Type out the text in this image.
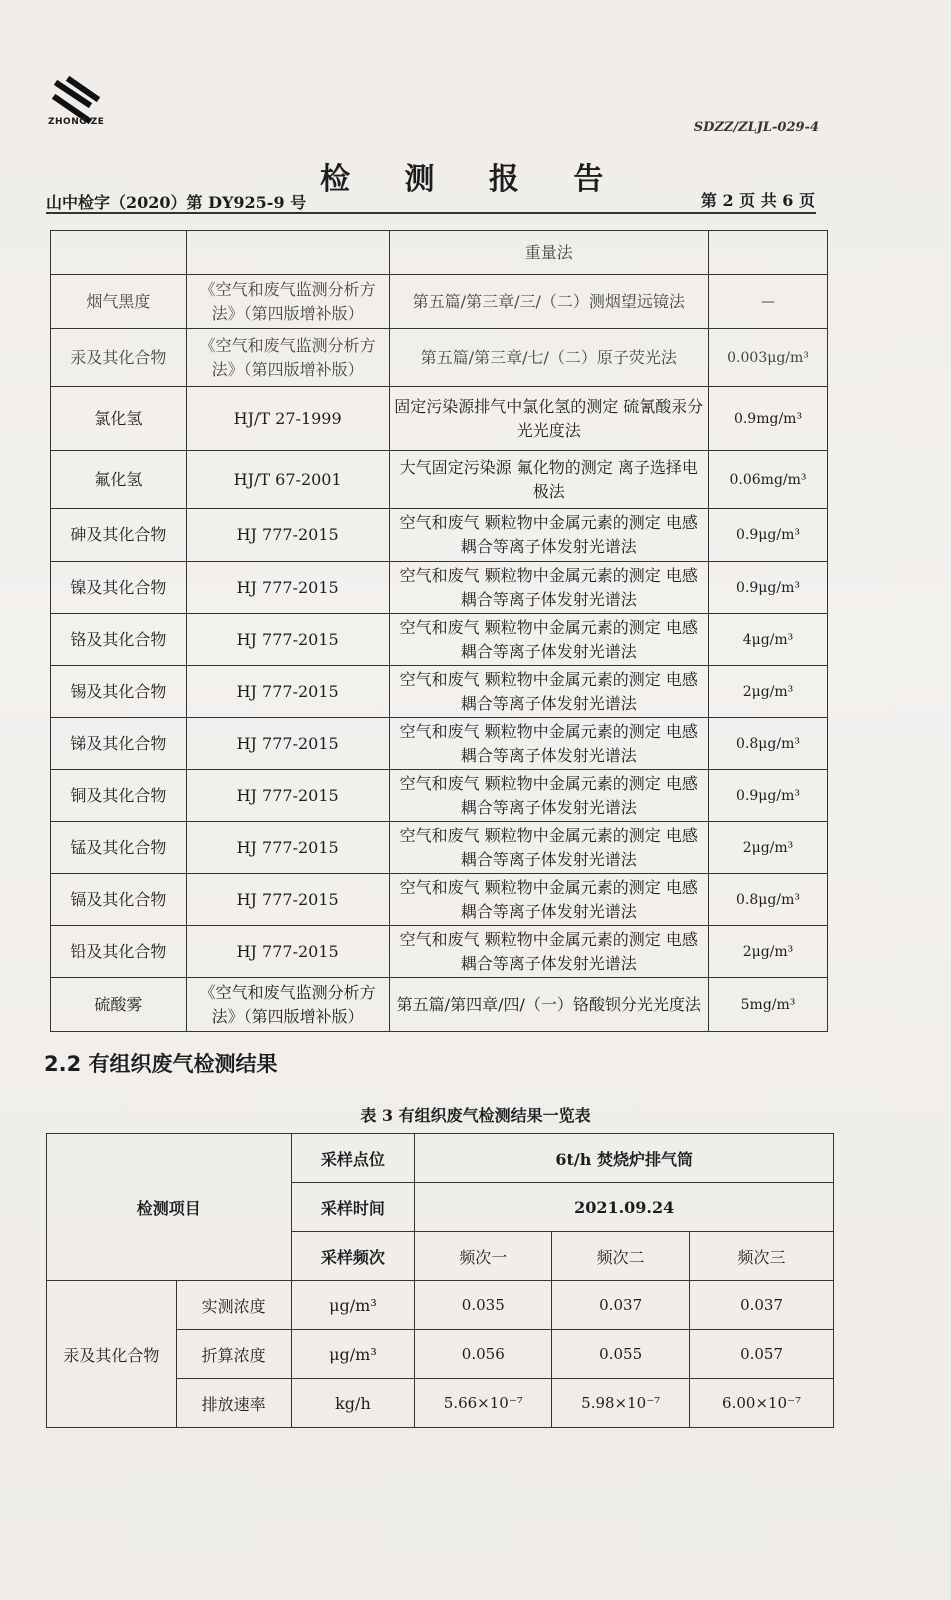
ZHONG ZE	SDZZ/ZLJL-029-4
检 测 报 告
山中检字（2020）第 DY925-9 号	第 2 页 共 6 页
		重量法	
烟气黑度	《空气和废气监测分析方法》（第四版增补版）	第五篇/第三章/三/（二）测烟望远镜法	—
汞及其化合物	《空气和废气监测分析方法》（第四版增补版）	第五篇/第三章/七/（二）原子荧光法	0.003μg/m³
氯化氢	HJ/T 27-1999	固定污染源排气中氯化氢的测定 硫氰酸汞分光光度法	0.9mg/m³
氟化氢	HJ/T 67-2001	大气固定污染源 氟化物的测定 离子选择电极法	0.06mg/m³
砷及其化合物	HJ 777-2015	空气和废气 颗粒物中金属元素的测定 电感耦合等离子体发射光谱法	0.9μg/m³
镍及其化合物	HJ 777-2015	空气和废气 颗粒物中金属元素的测定 电感耦合等离子体发射光谱法	0.9μg/m³
铬及其化合物	HJ 777-2015	空气和废气 颗粒物中金属元素的测定 电感耦合等离子体发射光谱法	4μg/m³
锡及其化合物	HJ 777-2015	空气和废气 颗粒物中金属元素的测定 电感耦合等离子体发射光谱法	2μg/m³
锑及其化合物	HJ 777-2015	空气和废气 颗粒物中金属元素的测定 电感耦合等离子体发射光谱法	0.8μg/m³
铜及其化合物	HJ 777-2015	空气和废气 颗粒物中金属元素的测定 电感耦合等离子体发射光谱法	0.9μg/m³
锰及其化合物	HJ 777-2015	空气和废气 颗粒物中金属元素的测定 电感耦合等离子体发射光谱法	2μg/m³
镉及其化合物	HJ 777-2015	空气和废气 颗粒物中金属元素的测定 电感耦合等离子体发射光谱法	0.8μg/m³
铅及其化合物	HJ 777-2015	空气和废气 颗粒物中金属元素的测定 电感耦合等离子体发射光谱法	2μg/m³
硫酸雾	《空气和废气监测分析方法》（第四版增补版）	第五篇/第四章/四/（一）铬酸钡分光光度法	5mg/m³
2.2 有组织废气检测结果
表 3 有组织废气检测结果一览表
检测项目		采样点位	6t/h 焚烧炉排气筒		
		采样时间	2021.09.24		
		采样频次	频次一	频次二	频次三
汞及其化合物	实测浓度	μg/m³	0.035	0.037	0.037
	折算浓度	μg/m³	0.056	0.055	0.057
	排放速率	kg/h	5.66×10⁻⁷	5.98×10⁻⁷	6.00×10⁻⁷
